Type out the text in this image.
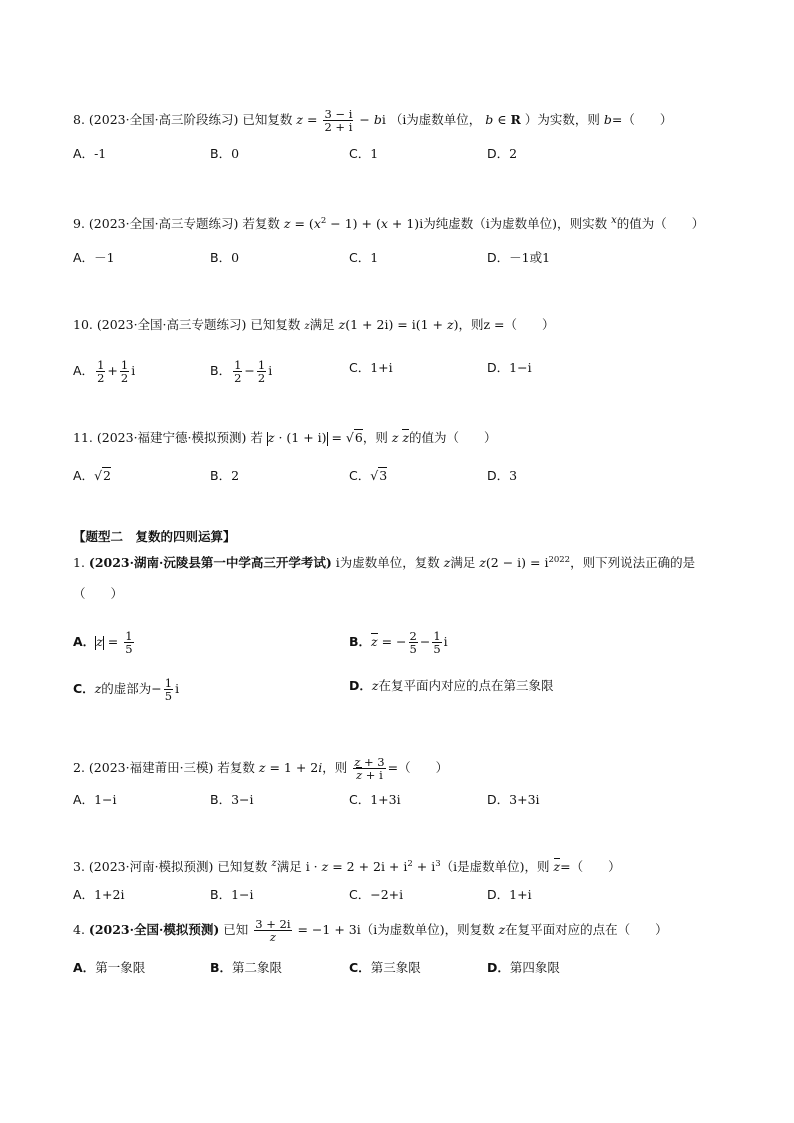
8. (2023·全国·高三阶段练习) 已知复数 $z = \frac{3 - i}{2 + i}$ − bi （i为虚数单位， b ∈ R ）为实数，则 b=（　　）
A．-1	B．0	C．1	D．2
9. (2023·全国·高三专题练习) 若复数 $z = (x^2 - 1) + (x + 1)i$为纯虚数（i为虚数单位)，则实数 $^x$的值为（　　）
A．－1	B．0	C．1	D．－1或1
10. (2023·全国·高三专题练习) 已知复数 z满足 z(1 + 2i) = i(1 + z)，则z =（　　）
A． $\frac{1}{2} + \frac{1}{2}$ i	B． $\frac{1}{2} - \frac{1}{2}$ i	C．1+i	D．1−i
11. (2023·福建宁德·模拟预测) 若 z · (1 + i) = √6，则 z z的值为（　　）
A．√2	B．2	C．√3	D．3
【题型二　复数的四则运算】
1. (2023·湖南·沅陵县第一中学高三开学考试) i为虚数单位，复数 z满足 $z(2 - i) = i^{2022}$，则下列说法正确的是
（　　）
A．$z = \frac{1}{5}$	B．z = − $\frac{2}{5} - \frac{1}{5}$ i
C．z的虚部为− $\frac{1}{5}$ i	D．z在复平面内对应的点在第三象限
2. (2023·福建莆田·三模) 若复数 z = 1 + 2i，则 $\frac{z + 3}{z + i}$ =（　　）
A．1−i	B．3−i	C．1+3i	D．3+3i
3. (2023·河南·模拟预测) 已知复数 $^z$满足 $i \cdot z = 2 + 2i + i^2 + i^3(i$是虚数单位)，则 z=（　　）
A．1+2i	B．1−i	C．−2+i	D．1+i
4. (2023·全国·模拟预测) 已知 $\frac{3 + 2i}{z} = -1 + 3i(i$为虚数单位)，则复数 z在复平面对应的点在（　　）
A．第一象限	B．第二象限	C．第三象限	D．第四象限
